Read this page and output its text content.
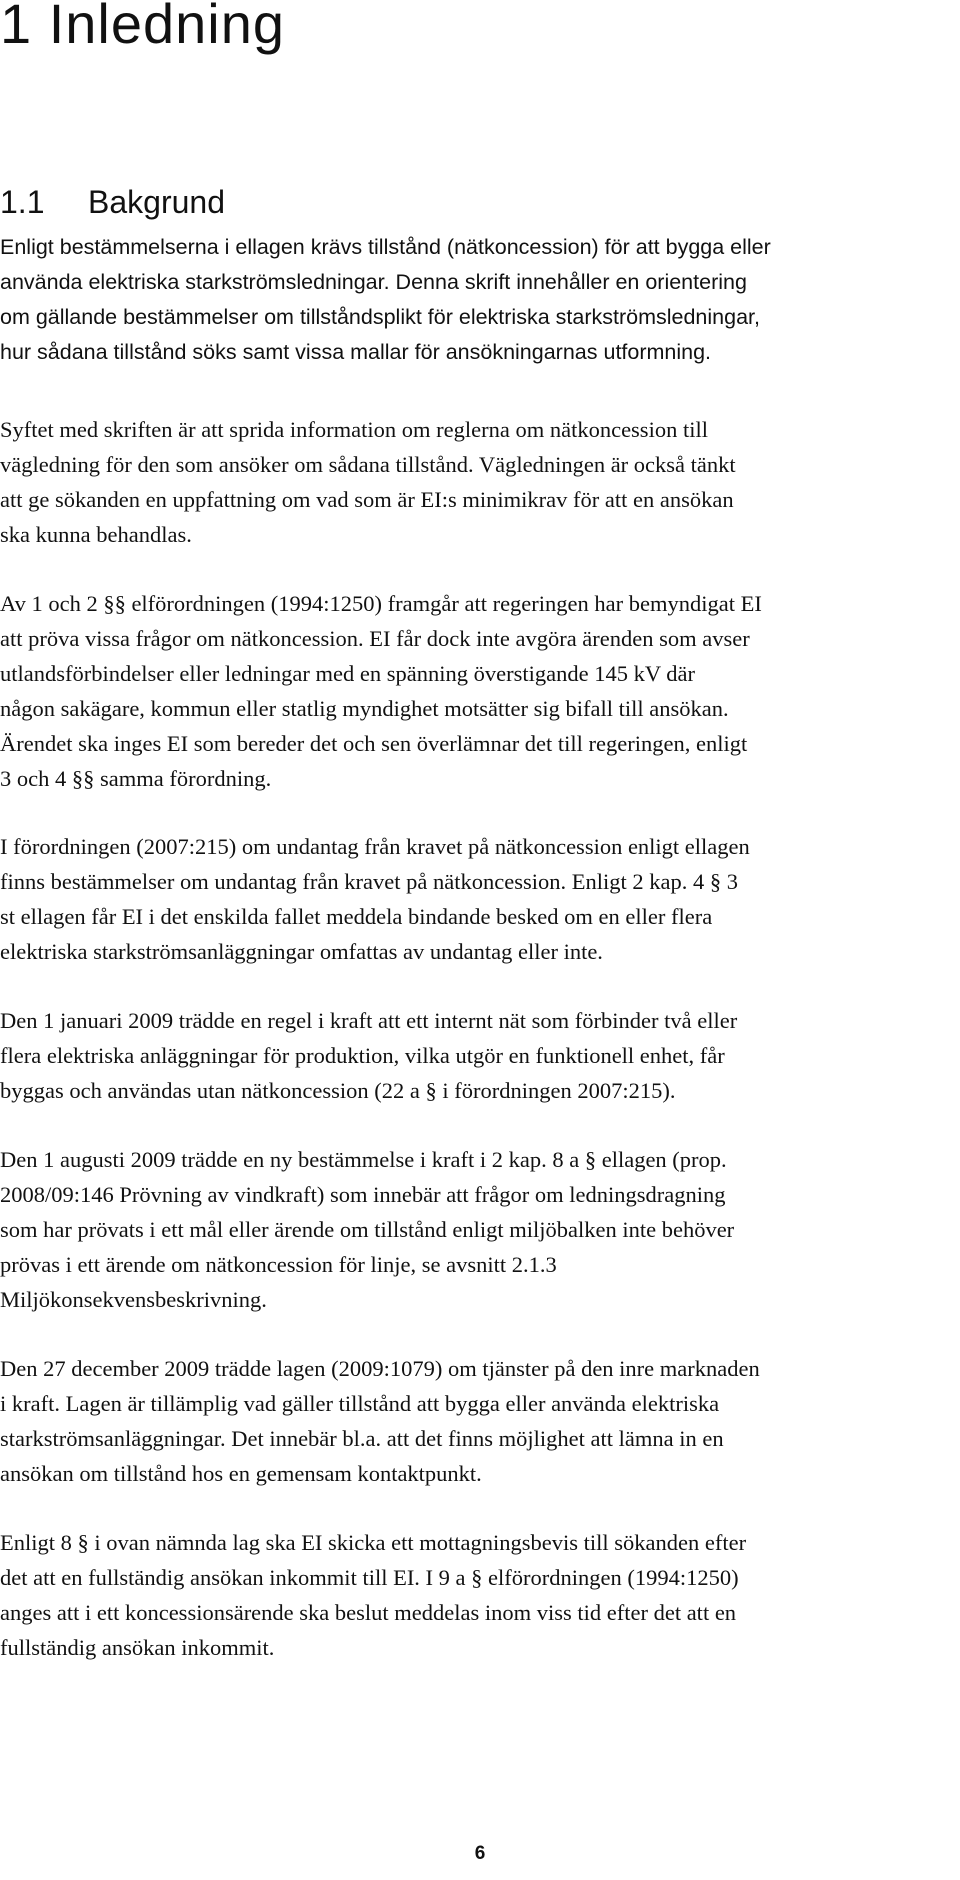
1 Inledning
1.1 Bakgrund

Enligt bestämmelserna i ellagen krävs tillstånd (nätkoncession) för att bygga eller

använda elektriska starkströmsledningar. Denna skrift innehåller en orientering

om gällande bestämmelser om tillståndsplikt för elektriska starkströmsledningar,

hur sådana tillstånd söks samt vissa mallar för ansökningarnas utformning.

Syftet med skriften är att sprida information om reglerna om nätkoncession till

vägledning för den som ansöker om sådana tillstånd. Vägledningen är också tänkt

att ge sökanden en uppfattning om vad som är EI:s minimikrav för att en ansökan

ska kunna behandlas.

Av 1 och 2 §§ elförordningen (1994:1250) framgår att regeringen har bemyndigat EI

att pröva vissa frågor om nätkoncession. EI får dock inte avgöra ärenden som avser

utlandsförbindelser eller ledningar med en spänning överstigande 145 kV där

någon sakägare, kommun eller statlig myndighet motsätter sig bifall till ansökan.

Ärendet ska inges EI som bereder det och sen överlämnar det till regeringen, enligt

3 och 4 §§ samma förordning.

I förordningen (2007:215) om undantag från kravet på nätkoncession enligt ellagen

finns bestämmelser om undantag från kravet på nätkoncession. Enligt 2 kap. 4 § 3

st ellagen får EI i det enskilda fallet meddela bindande besked om en eller flera

elektriska starkströmsanläggningar omfattas av undantag eller inte.

Den 1 januari 2009 trädde en regel i kraft att ett internt nät som förbinder två eller

flera elektriska anläggningar för produktion, vilka utgör en funktionell enhet, får

byggas och användas utan nätkoncession (22 a § i förordningen 2007:215).

Den 1 augusti 2009 trädde en ny bestämmelse i kraft i 2 kap. 8 a § ellagen (prop.

2008/09:146 Prövning av vindkraft) som innebär att frågor om ledningsdragning

som har prövats i ett mål eller ärende om tillstånd enligt miljöbalken inte behöver

prövas i ett ärende om nätkoncession för linje, se avsnitt 2.1.3

Miljökonsekvensbeskrivning.

Den 27 december 2009 trädde lagen (2009:1079) om tjänster på den inre marknaden

i kraft. Lagen är tillämplig vad gäller tillstånd att bygga eller använda elektriska

starkströmsanläggningar. Det innebär bl.a. att det finns möjlighet att lämna in en

ansökan om tillstånd hos en gemensam kontaktpunkt.

Enligt 8 § i ovan nämnda lag ska EI skicka ett mottagningsbevis till sökanden efter

det att en fullständig ansökan inkommit till EI. I 9 a § elförordningen (1994:1250)

anges att i ett koncessionsärende ska beslut meddelas inom viss tid efter det att en

fullständig ansökan inkommit.

6
